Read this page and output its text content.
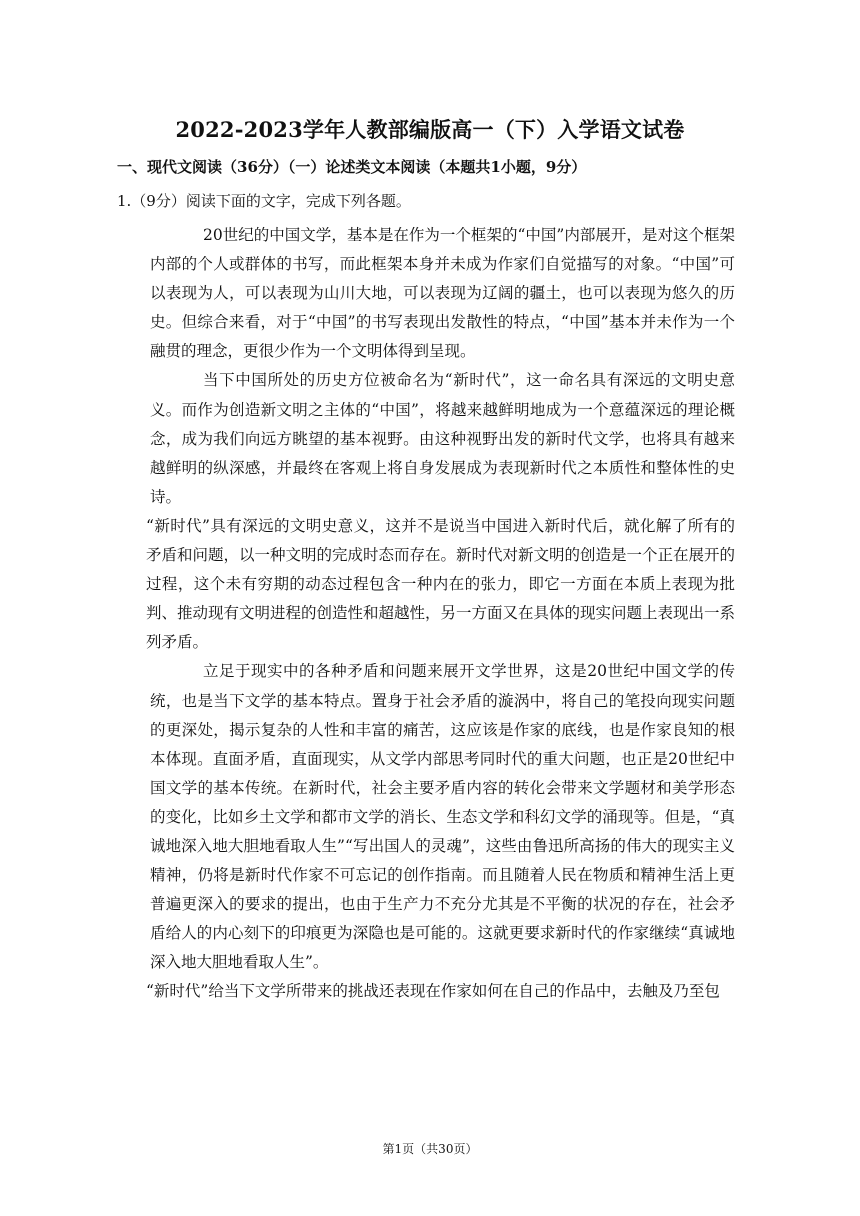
2022-2023学年人教部编版高一（下）入学语文试卷
一、现代文阅读（36分）（一）论述类文本阅读（本题共1小题，9分）
1.（9分）阅读下面的文字，完成下列各题。

20世纪的中国文学，基本是在作为一个框架的“中国”内部展开，是对这个框架内部的个人或群体的书写，而此框架本身并未成为作家们自觉描写的对象。“中国”可以表现为人，可以表现为山川大地，可以表现为辽阔的疆土，也可以表现为悠久的历史。但综合来看，对于“中国”的书写表现出发散性的特点，“中国”基本并未作为一个融贯的理念，更很少作为一个文明体得到呈现。

当下中国所处的历史方位被命名为“新时代”，这一命名具有深远的文明史意义。而作为创造新文明之主体的“中国”，将越来越鲜明地成为一个意蕴深远的理论概念，成为我们向远方眺望的基本视野。由这种视野出发的新时代文学，也将具有越来越鲜明的纵深感，并最终在客观上将自身发展成为表现新时代之本质性和整体性的史诗。

“新时代”具有深远的文明史意义，这并不是说当中国进入新时代后，就化解了所有的矛盾和问题，以一种文明的完成时态而存在。新时代对新文明的创造是一个正在展开的过程，这个未有穷期的动态过程包含一种内在的张力，即它一方面在本质上表现为批判、推动现有文明进程的创造性和超越性，另一方面又在具体的现实问题上表现出一系列矛盾。

立足于现实中的各种矛盾和问题来展开文学世界，这是20世纪中国文学的传统，也是当下文学的基本特点。置身于社会矛盾的漩涡中，将自己的笔投向现实问题的更深处，揭示复杂的人性和丰富的痛苦，这应该是作家的底线，也是作家良知的根本体现。直面矛盾，直面现实，从文学内部思考同时代的重大问题，也正是20世纪中国文学的基本传统。在新时代，社会主要矛盾内容的转化会带来文学题材和美学形态的变化，比如乡土文学和都市文学的消长、生态文学和科幻文学的涌现等。但是，“真诚地深入地大胆地看取人生”“写出国人的灵魂”，这些由鲁迅所高扬的伟大的现实主义精神，仍将是新时代作家不可忘记的创作指南。而且随着人民在物质和精神生活上更普遍更深入的要求的提出，也由于生产力不充分尤其是不平衡的状况的存在，社会矛盾给人的内心刻下的印痕更为深隐也是可能的。这就更要求新时代的作家继续“真诚地深入地大胆地看取人生”。

“新时代”给当下文学所带来的挑战还表现在作家如何在自己的作品中，去触及乃至包

第1页（共30页）
